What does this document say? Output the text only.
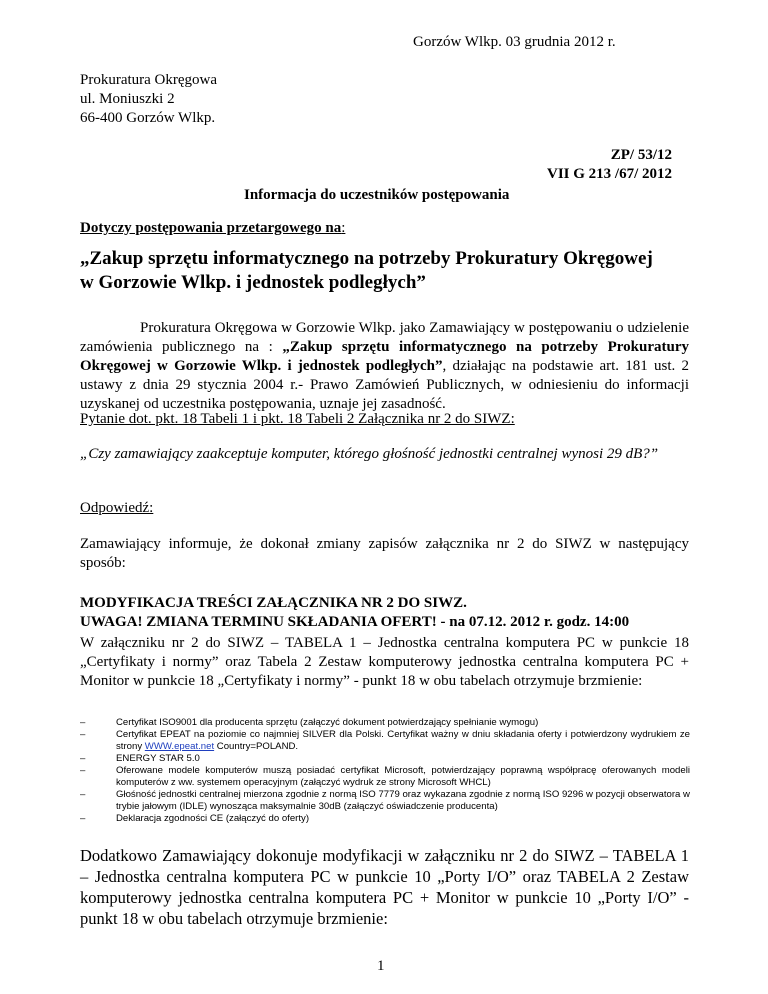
Gorzów Wlkp. 03 grudnia 2012 r.
Prokuratura Okręgowa
ul. Moniuszki 2
66-400 Gorzów Wlkp.
ZP/ 53/12
VII G 213 /67/ 2012
Informacja do uczestników postępowania
Dotyczy postępowania przetargowego na:
„Zakup sprzętu informatycznego na potrzeby Prokuratury Okręgowej
w Gorzowie Wlkp. i jednostek podległych”
Prokuratura Okręgowa w Gorzowie Wlkp. jako Zamawiający w postępowaniu o udzielenie zamówienia publicznego na : „Zakup sprzętu informatycznego na potrzeby Prokuratury Okręgowej w Gorzowie Wlkp. i jednostek podległych”, działając na podstawie art. 181 ust. 2 ustawy z dnia 29 stycznia 2004 r.- Prawo Zamówień Publicznych, w odniesieniu do informacji uzyskanej od uczestnika postępowania, uznaje jej zasadność.
Pytanie dot. pkt. 18 Tabeli 1 i pkt. 18 Tabeli 2 Załącznika nr 2 do SIWZ:
„Czy zamawiający zaakceptuje komputer, którego głośność jednostki centralnej wynosi 29 dB?”
Odpowiedź:
Zamawiający informuje, że dokonał zmiany zapisów załącznika nr 2 do SIWZ w następujący sposób:
MODYFIKACJA TREŚCI ZAŁĄCZNIKA NR 2 DO SIWZ.
UWAGA! ZMIANA TERMINU SKŁADANIA OFERT! - na 07.12. 2012 r. godz. 14:00
W załączniku nr 2 do SIWZ – TABELA 1 – Jednostka centralna komputera PC w punkcie 18 „Certyfikaty i normy” oraz Tabela 2 Zestaw komputerowy jednostka centralna komputera PC + Monitor w punkcie 18 „Certyfikaty i normy” - punkt 18 w obu tabelach otrzymuje brzmienie:
–	Certyfikat ISO9001 dla producenta sprzętu (załączyć dokument potwierdzający spełnianie wymogu)
–	Certyfikat EPEAT na poziomie co najmniej SILVER dla Polski. Certyfikat ważny w dniu składania oferty i potwierdzony wydrukiem ze strony WWW.epeat.net Country=POLAND.
–	ENERGY STAR 5.0
–	Oferowane modele komputerów muszą posiadać certyfikat Microsoft, potwierdzający poprawną współpracę oferowanych modeli komputerów z ww. systemem operacyjnym (załączyć wydruk ze strony Microsoft WHCL)
–	Głośność jednostki centralnej mierzona zgodnie z normą ISO 7779 oraz wykazana zgodnie z normą ISO 9296 w pozycji obserwatora w trybie jałowym (IDLE) wynosząca maksymalnie 30dB (załączyć oświadczenie producenta)
–	Deklaracja zgodności CE (załączyć do oferty)
Dodatkowo Zamawiający dokonuje modyfikacji w załączniku nr 2 do SIWZ – TABELA 1 – Jednostka centralna komputera PC w punkcie 10 „Porty I/O” oraz TABELA 2 Zestaw komputerowy jednostka centralna komputera PC + Monitor w punkcie 10 „Porty I/O” - punkt 18 w obu tabelach otrzymuje brzmienie:
1
